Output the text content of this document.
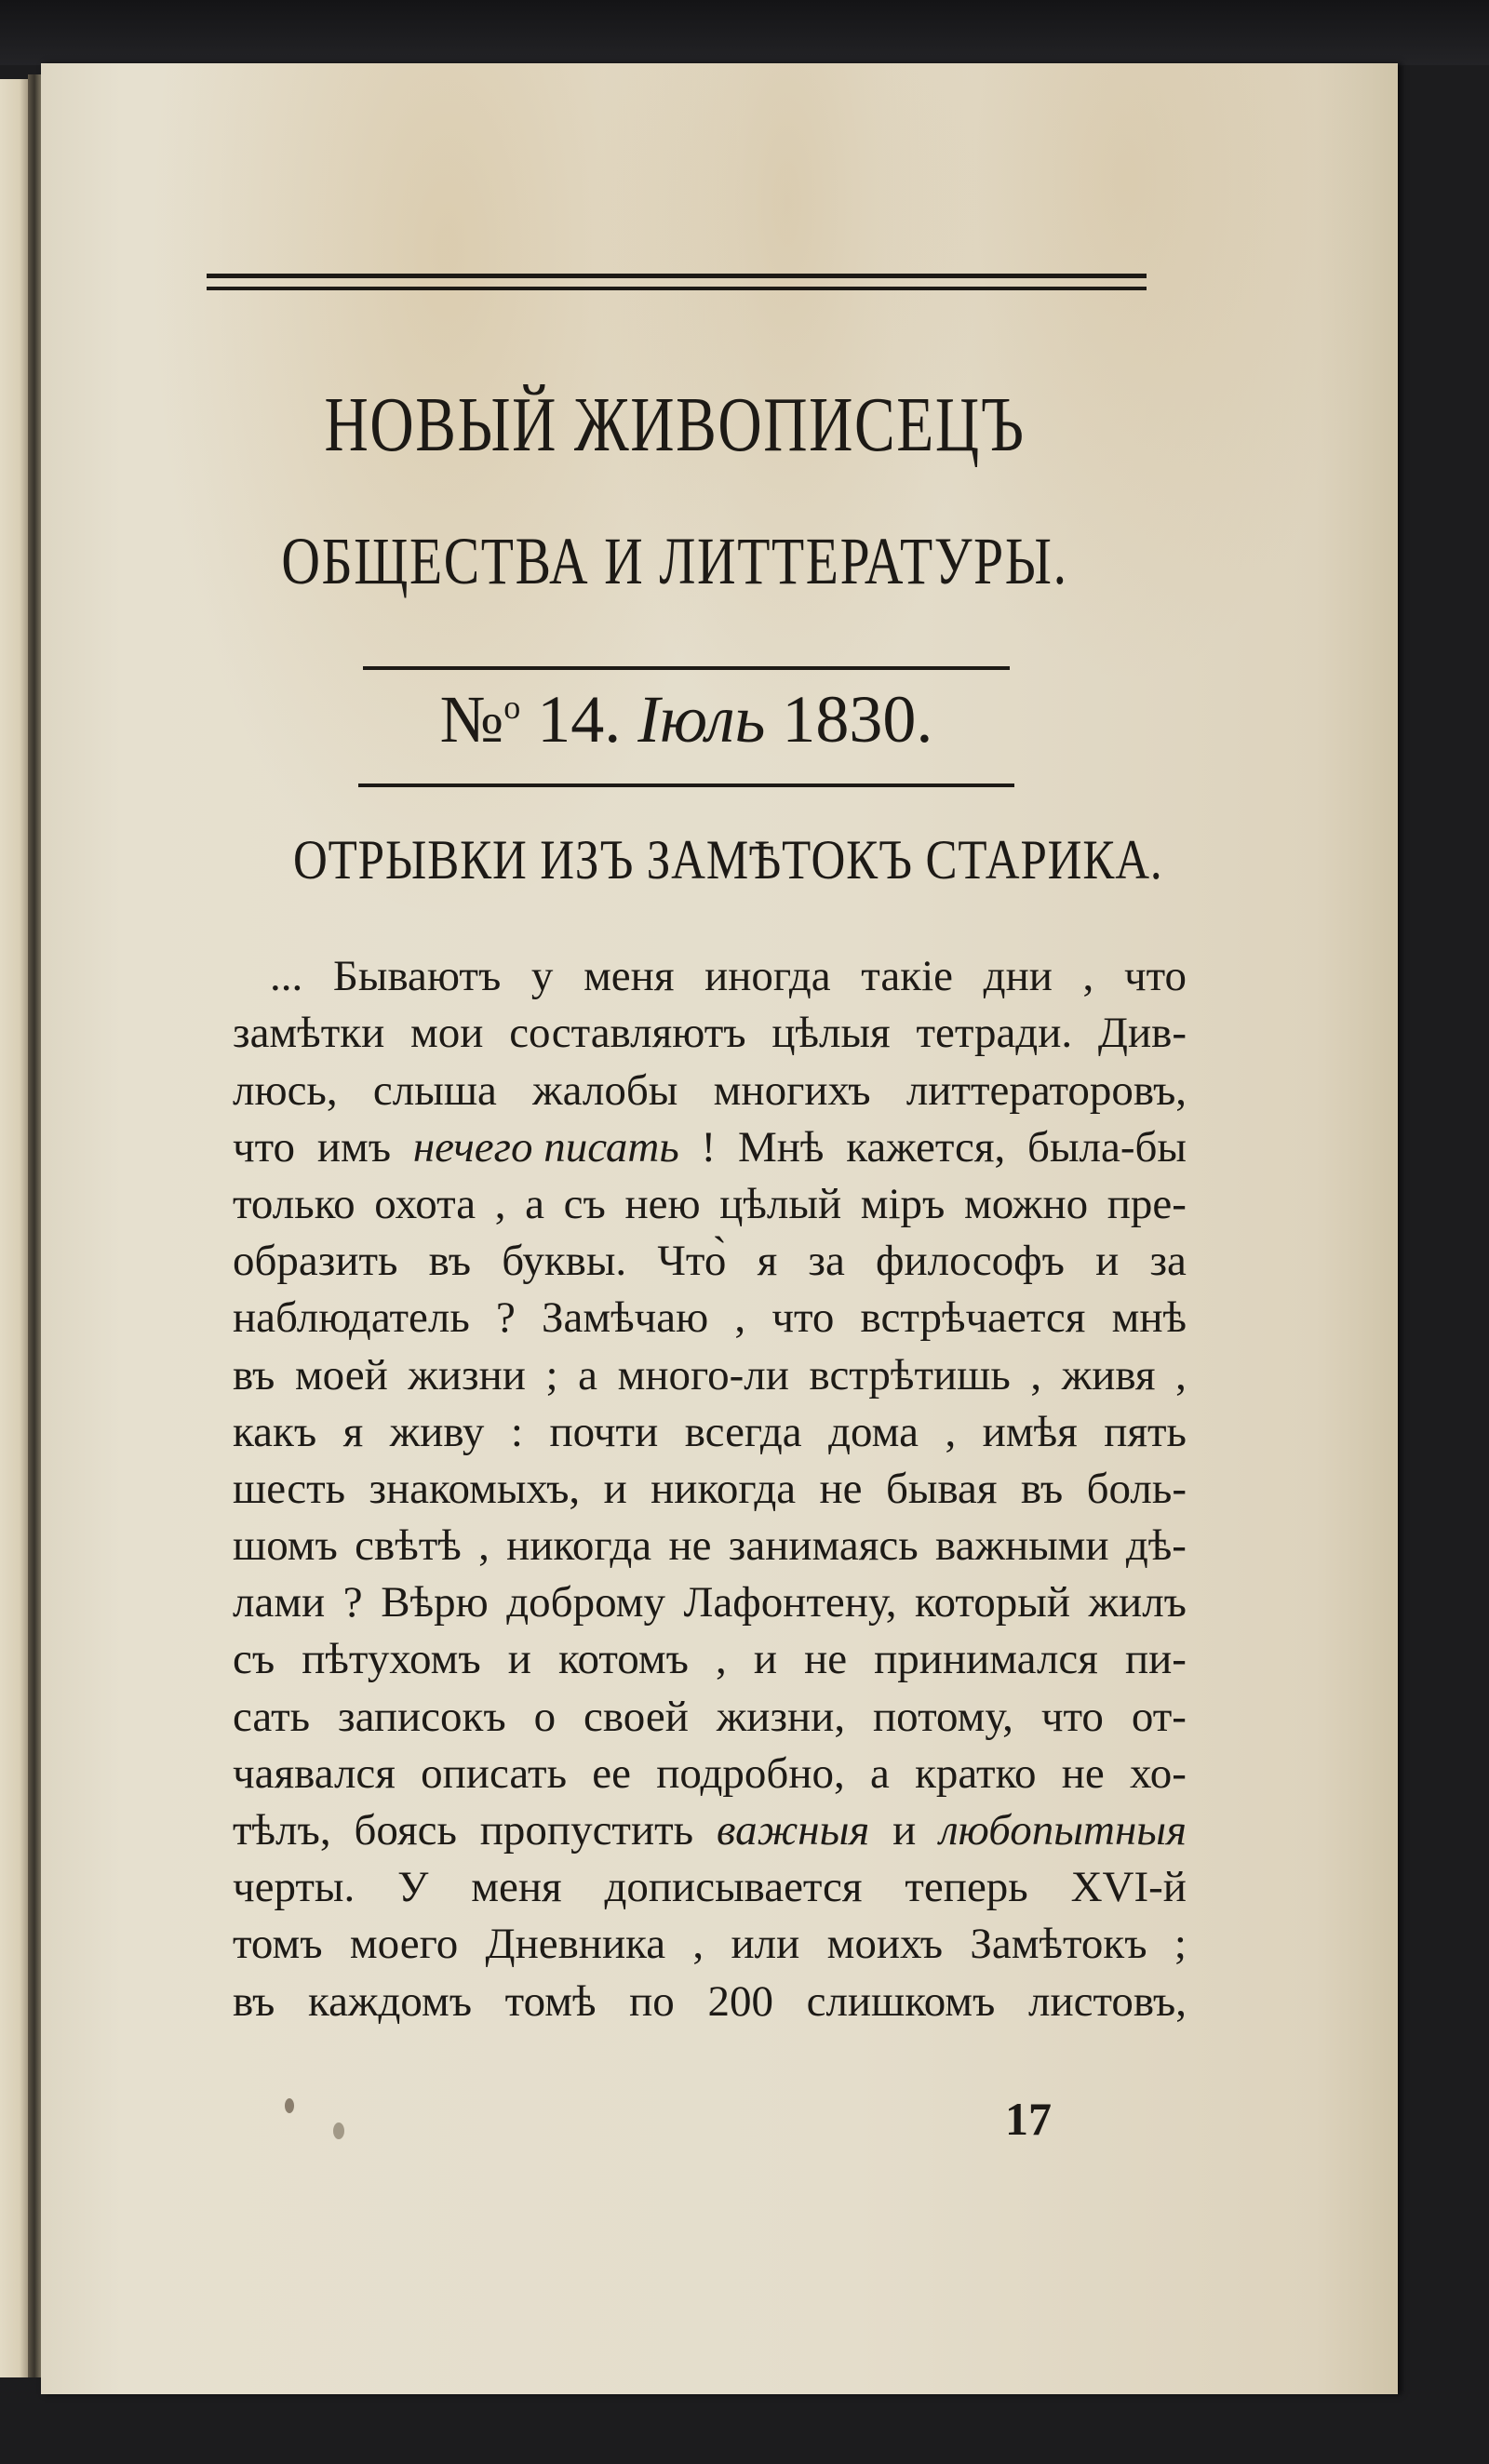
НОВЫЙ ЖИВОПИСЕЦЪ
ОБЩЕСТВА И ЛИТТЕРАТУРЫ.
№$^o$ 14. Іюль 1830.
ОТРЫВКИ ИЗЪ ЗАМѢТОКЪ СТАРИКА.
... Бываютъ у меня иногда такіе дни , что
замѣтки мои составляютъ цѣлыя тетради. Див-
люсь, слыша жалобы многихъ литтераторовъ,
что имъ нечего писать ! Мнѣ кажется, была-бы
только охота , а съ нею цѣлый міръ можно пре-
образить въ буквы. Что̀ я за философъ и за
наблюдатель ? Замѣчаю , что встрѣчается мнѣ
въ моей жизни ; а много-ли встрѣтишь , живя ,
какъ я живу : почти всегда дома , имѣя пять
шесть знакомыхъ, и никогда не бывая въ боль-
шомъ свѣтѣ , никогда не занимаясь важными дѣ-
лами ? Вѣрю доброму Лафонтену, который жилъ
съ пѣтухомъ и котомъ , и не принимался пи-
сать записокъ о своей жизни, потому, что от-
чаявался описать ее подробно, а кратко не хо-
тѣлъ, боясь пропустить важныя и любопытныя
черты. У меня дописывается теперь XVI-й
томъ моего Дневника , или моихъ Замѣтокъ ;
въ каждомъ томѣ по 200 слишкомъ листовъ,
17
